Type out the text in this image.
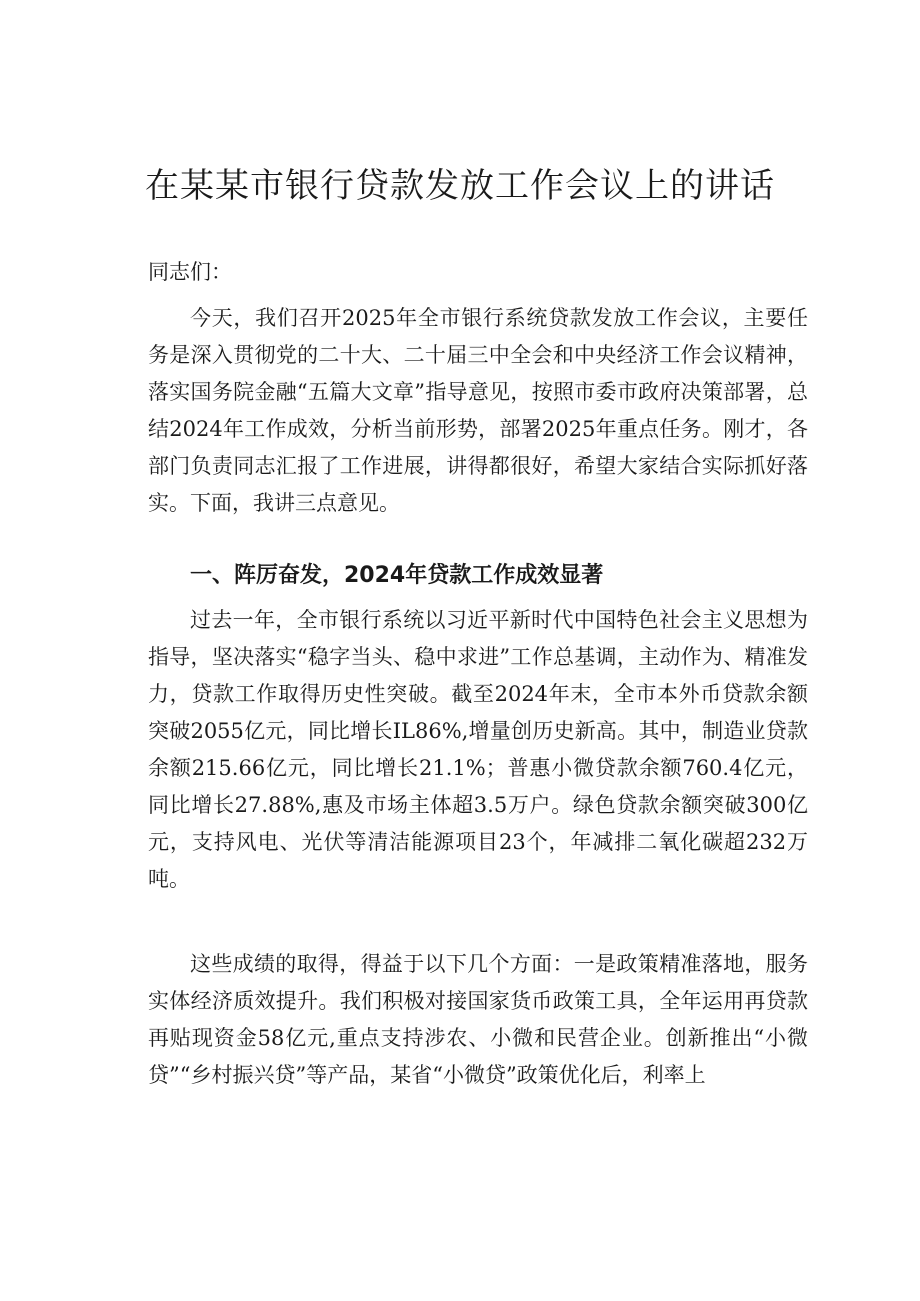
在某某市银行贷款发放工作会议上的讲话

同志们：

今天，我们召开2025年全市银行系统贷款发放工作会议，主要任务是深入贯彻党的二十大、二十届三中全会和中央经济工作会议精神，落实国务院金融“五篇大文章”指导意见，按照市委市政府决策部署，总结2024年工作成效，分析当前形势，部署2025年重点任务。刚才，各部门负责同志汇报了工作进展，讲得都很好，希望大家结合实际抓好落实。下面，我讲三点意见。

一、阵厉奋发，2024年贷款工作成效显著

过去一年，全市银行系统以习近平新时代中国特色社会主义思想为指导，坚决落实“稳字当头、稳中求进”工作总基调，主动作为、精准发力，贷款工作取得历史性突破。截至2024年末，全市本外币贷款余额突破2055亿元，同比增长IL86%,增量创历史新高。其中，制造业贷款余额215.66亿元，同比增长21.1%；普惠小微贷款余额760.4亿元，同比增长27.88%,惠及市场主体超3.5万户。绿色贷款余额突破300亿元，支持风电、光伏等清洁能源项目23个，年减排二氧化碳超232万吨。

这些成绩的取得，得益于以下几个方面：一是政策精准落地，服务实体经济质效提升。我们积极对接国家货币政策工具，全年运用再贷款再贴现资金58亿元,重点支持涉农、小微和民营企业。创新推出“小微贷”“乡村振兴贷”等产品，某省“小微贷”政策优化后，利率上
